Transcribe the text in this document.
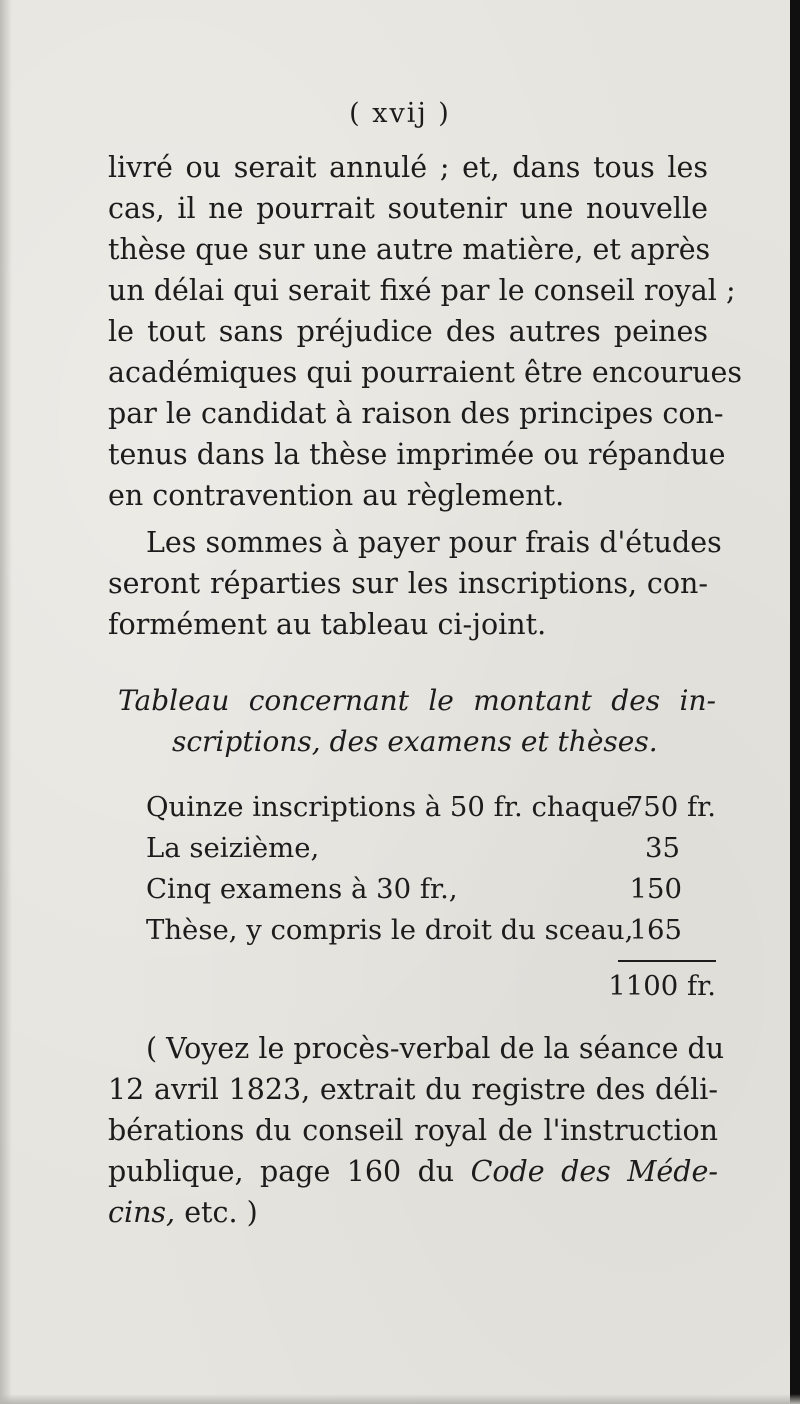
( xvij )
livré ou serait annulé ; et, dans tous les
cas, il ne pourrait soutenir une nouvelle
thèse que sur une autre matière, et après
un délai qui serait fixé par le conseil royal ;
le tout sans préjudice des autres peines
académiques qui pourraient être encourues
par le candidat à raison des principes con-
tenus dans la thèse imprimée ou répandue
en contravention au règlement.
Les sommes à payer pour frais d'études
seront réparties sur les inscriptions, con-
formément au tableau ci-joint.
Tableau concernant le montant des in-
scriptions, des examens et thèses.
Quinze inscriptions à 50 fr. chaque
750 fr.
La seizième,	35
Cinq examens à 30 fr.,	150
Thèse, y compris le droit du sceau,
165
1100 fr.
( Voyez le procès-verbal de la séance du
12 avril 1823, extrait du registre des déli-
bérations du conseil royal de l'instruction
publique, page 160 du Code des Méde-
cins, etc. )
